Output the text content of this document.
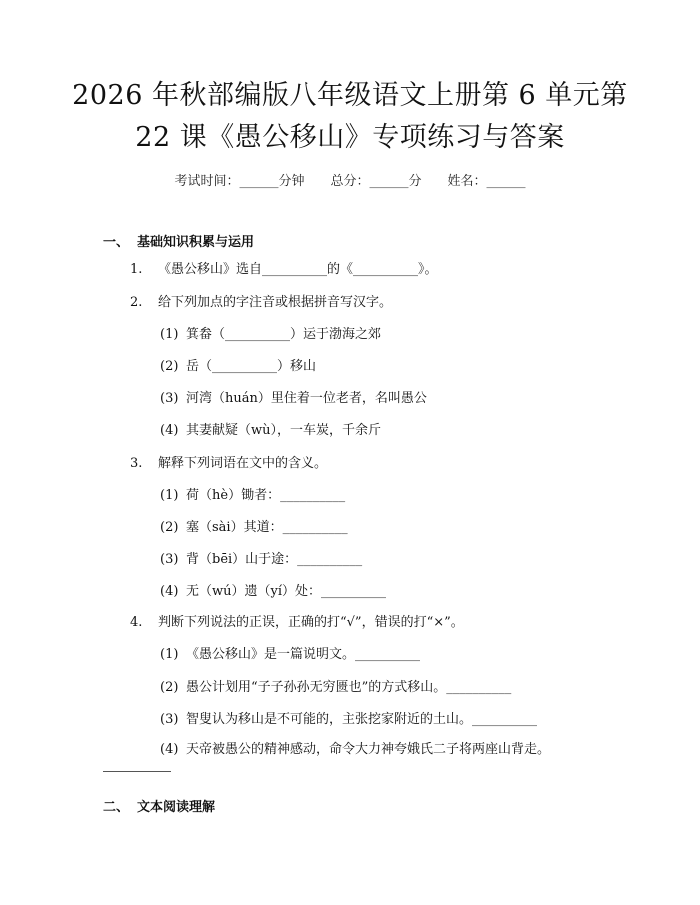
2026 年秋部编版八年级语文上册第 6 单元第
22 课《愚公移山》专项练习与答案
考试时间：______分钟 总分：______分 姓名：______
一、 基础知识积累与运用
1. 《愚公移山》选自__________的《__________》。
2. 给下列加点的字注音或根据拼音写汉字。
(1) 箕畚（__________）运于渤海之郊
(2) 岳（__________）移山
(3) 河湾（huán）里住着一位老者，名叫愚公
(4) 其妻献疑（wù），一车炭，千余斤
3. 解释下列词语在文中的含义。
(1) 荷（hè）锄者：__________
(2) 塞（sài）其道：__________
(3) 背（bēi）山于途：__________
(4) 无（wú）遗（yí）处：__________
4. 判断下列说法的正误，正确的打“√”，错误的打“×”。
(1) 《愚公移山》是一篇说明文。__________
(2) 愚公计划用“子子孙孙无穷匮也”的方式移山。__________
(3) 智叟认为移山是不可能的，主张挖家附近的土山。__________
(4) 天帝被愚公的精神感动，命令大力神夸娥氏二子将两座山背走。
二、 文本阅读理解
